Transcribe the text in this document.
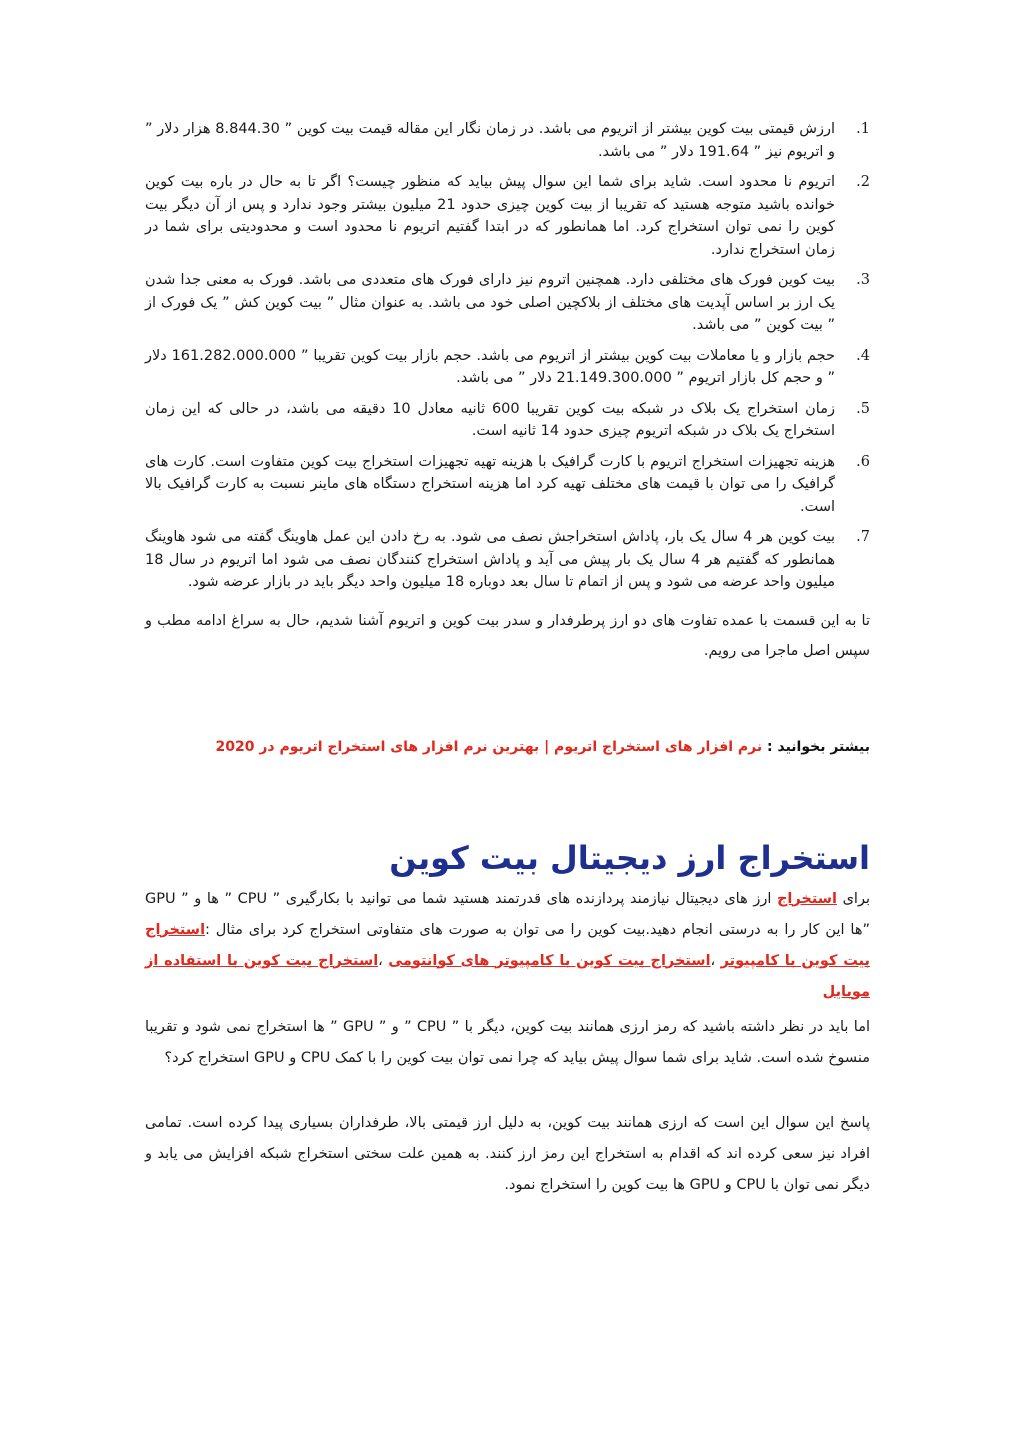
1.
ارزش قیمتی بیت کوین بیشتر از اتریوم می باشد. در زمان نگار این مقاله قیمت بیت کوین ” 8.844.30 هزار دلار ” و اتریوم نیز ” 191.64 دلار ” می باشد.
2.
اتریوم نا محدود است. شاید برای شما این سوال پیش بیاید که منظور چیست؟ اگر تا به حال در باره بیت کوین خوانده باشید متوجه هستید که تقریبا از بیت کوین چیزی حدود 21 میلیون بیشتر وجود ندارد و پس از آن دیگر بیت کوین را نمی توان استخراج کرد. اما همانطور که در ابتدا گفتیم اتریوم نا محدود است و محدودیتی برای شما در زمان استخراج ندارد.
3.
بیت کوین فورک های مختلفی دارد. همچنین اتروم نیز دارای فورک های متعددی می باشد. فورک به معنی جدا شدن یک ارز بر اساس آپدیت های مختلف از بلاکچین اصلی خود می باشد. به عنوان مثال ” بیت کوین کش ” یک فورک از ” بیت کوین ” می باشد.
4.
حجم بازار و یا معاملات بیت کوین بیشتر از اتریوم می باشد. حجم بازار بیت کوین تقریبا ” 161.282.000.000 دلار ” و حجم کل بازار اتریوم ” 21.149.300.000 دلار ” می باشد.
5.
زمان استخراج یک بلاک در شبکه بیت کوین تقریبا 600 ثانیه معادل 10 دقیقه می باشد، در حالی که این زمان استخراج یک بلاک در شبکه اتریوم چیزی حدود 14 ثانیه است.
6.
هزینه تجهیزات استخراج اتریوم با کارت گرافیک با هزینه تهیه تجهیزات استخراج بیت کوین متفاوت است. کارت های گرافیک را می توان با قیمت های مختلف تهیه کرد اما هزینه استخراج دستگاه های ماینر نسبت به کارت گرافیک بالا است.
7.
بیت کوین هر 4 سال یک بار، پاداش استخراجش نصف می شود. به رخ دادن این عمل هاوینگ گفته می شود هاوینگ همانطور که گفتیم هر 4 سال یک بار پیش می آید و پاداش استخراج کنندگان نصف می شود اما اتریوم در سال 18 میلیون واحد عرضه می شود و پس از اتمام تا سال بعد دوباره 18 میلیون واحد دیگر باید در بازار عرضه شود.

تا به این قسمت با عمده تفاوت های دو ارز پرطرفدار و سدر بیت کوین و اتریوم آشنا شدیم، حال به سراغ ادامه مطب و سپس اصل ماجرا می رویم.

بیشتر بخوانید : نرم افزار های استخراج اتریوم | بهترین نرم افزار های استخراج اتریوم در 2020
استخراج ارز دیجیتال بیت کوین

برای استخراج ارز های دیجیتال نیازمند پردازنده های قدرتمند هستید شما می توانید با بکارگیری ” CPU ” ها و ” GPU ”ها این کار را به درستی انجام دهید.بیت کوین را می توان به صورت های متفاوتی استخراج کرد برای مثال :استخراج بیت کوین با کامپیوتر ،استخراج بیت کوین با کامپیوتر های کوانتومی ،استخراج بیت کوین با استفاده از موبایل

اما باید در نظر داشته باشید که رمز ارزی همانند بیت کوین، دیگر با ” CPU ” و ” GPU ” ها استخراج نمی شود و تقریبا منسوخ شده است. شاید برای شما سوال پیش بیاید که چرا نمی توان بیت کوین را با کمک CPU و GPU استخراج کرد؟

پاسخ این سوال این است که ارزی همانند بیت کوین، به دلیل ارز قیمتی بالا، طرفداران بسیاری پیدا کرده است. تمامی افراد نیز سعی کرده اند که اقدام به استخراج این رمز ارز کنند. به همین علت سختی استخراج شبکه افزایش می یابد و دیگر نمی توان با CPU و GPU ها بیت کوین را استخراج نمود.
